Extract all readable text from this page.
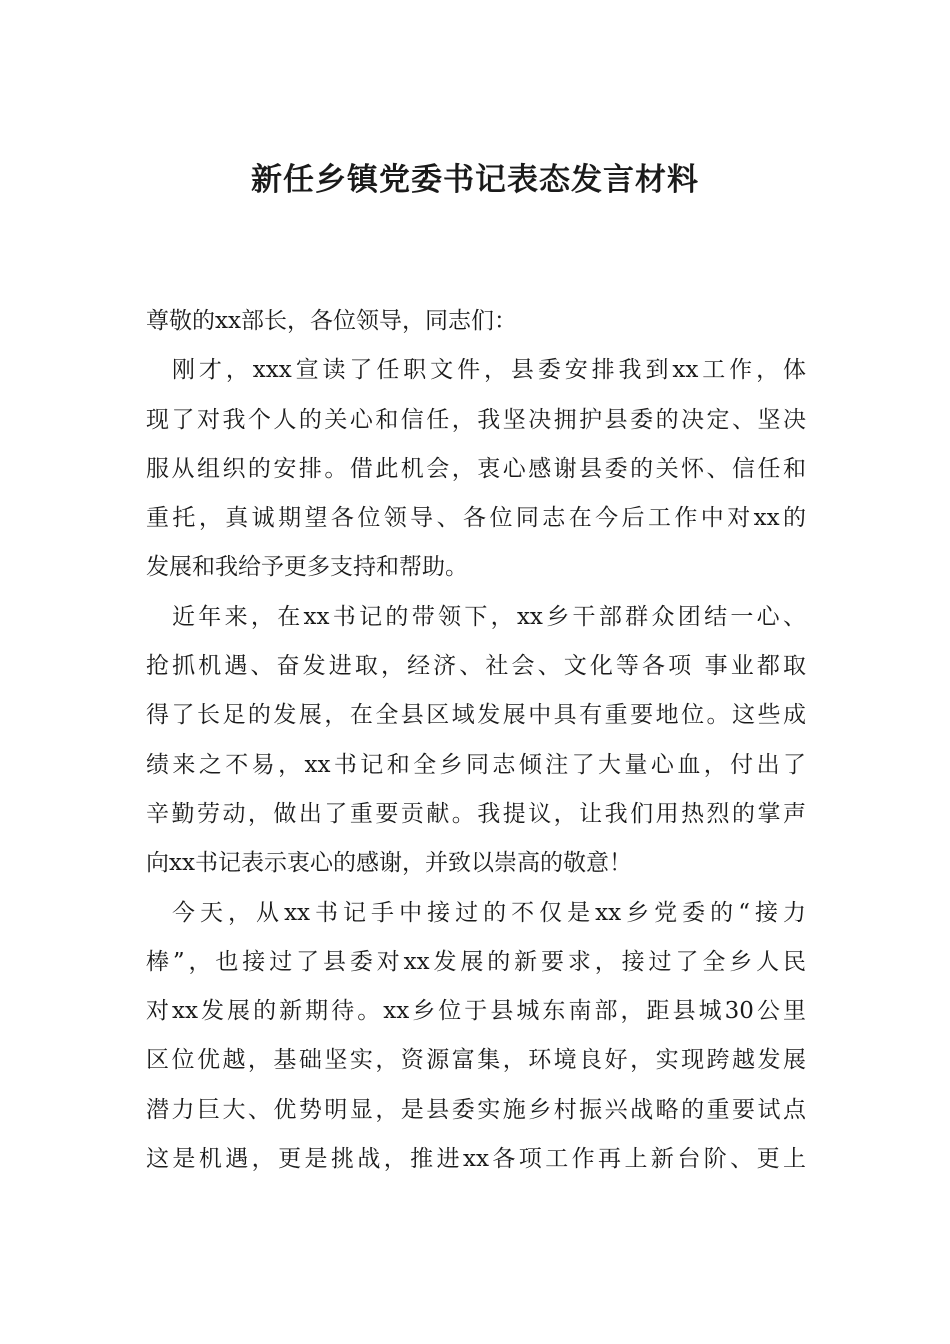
新任乡镇党委书记表态发言材料
尊敬的xx部长，各位领导，同志们：
刚才，xxx宣读了任职文件，县委安排我到xx工作，体
现了对我个人的关心和信任，我坚决拥护县委的决定、坚决
服从组织的安排。借此机会，衷心感谢县委的关怀、信任和
重托，真诚期望各位领导、各位同志在今后工作中对xx的
发展和我给予更多支持和帮助。
近年来，在xx书记的带领下，xx乡干部群众团结一心、
抢抓机遇、奋发进取，经济、社会、文化等各项 事业都取
得了长足的发展，在全县区域发展中具有重要地位。这些成
绩来之不易，xx书记和全乡同志倾注了大量心血，付出了
辛勤劳动，做出了重要贡献。我提议，让我们用热烈的掌声
向xx书记表示衷心的感谢，并致以崇高的敬意！
今天，从xx书记手中接过的不仅是xx乡党委的“接力
棒”，也接过了县委对xx发展的新要求，接过了全乡人民
对xx发展的新期待。xx乡位于县城东南部，距县城30公里
区位优越，基础坚实，资源富集，环境良好，实现跨越发展
潜力巨大、优势明显，是县委实施乡村振兴战略的重要试点
这是机遇，更是挑战，推进xx各项工作再上新台阶、更上
